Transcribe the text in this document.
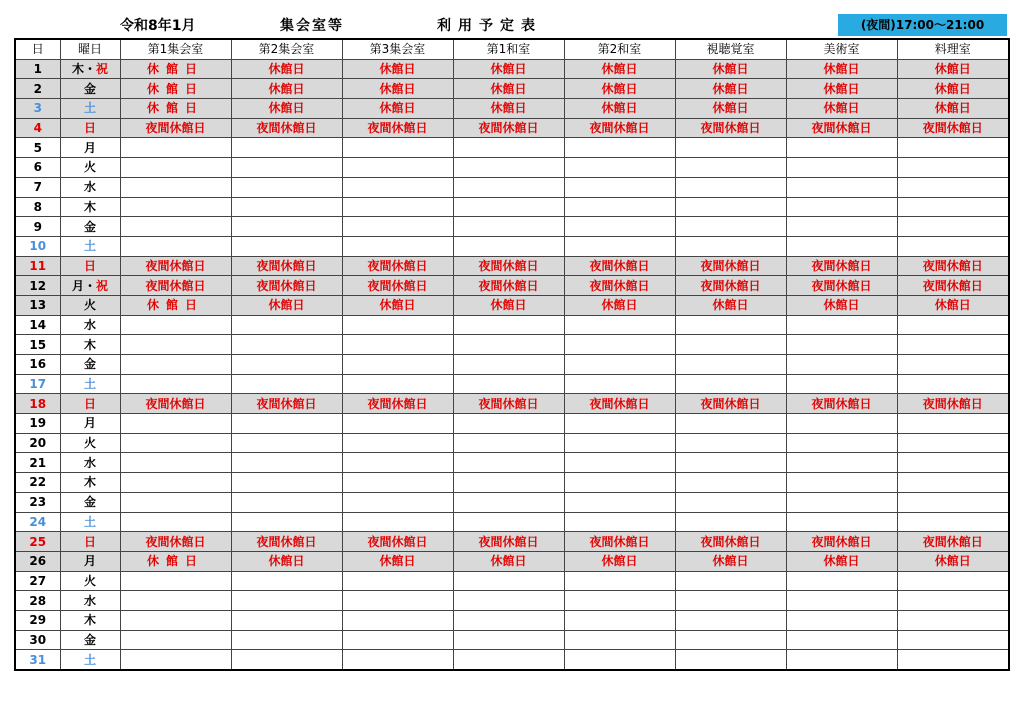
令和8年1月	集会室等	利用予定表	(夜間)17:00～21:00
日	曜日	第1集会室	第2集会室	第3集会室	第1和室	第2和室	視聴覚室	美術室	料理室
1	木・祝	休館日	休館日	休館日	休館日	休館日	休館日	休館日	休館日
2	金	休館日	休館日	休館日	休館日	休館日	休館日	休館日	休館日
3	土	休館日	休館日	休館日	休館日	休館日	休館日	休館日	休館日
4	日	夜間休館日	夜間休館日	夜間休館日	夜間休館日	夜間休館日	夜間休館日	夜間休館日	夜間休館日
5	月								
6	火								
7	水								
8	木								
9	金								
10	土								
11	日	夜間休館日	夜間休館日	夜間休館日	夜間休館日	夜間休館日	夜間休館日	夜間休館日	夜間休館日
12	月・祝	夜間休館日	夜間休館日	夜間休館日	夜間休館日	夜間休館日	夜間休館日	夜間休館日	夜間休館日
13	火	休館日	休館日	休館日	休館日	休館日	休館日	休館日	休館日
14	水								
15	木								
16	金								
17	土								
18	日	夜間休館日	夜間休館日	夜間休館日	夜間休館日	夜間休館日	夜間休館日	夜間休館日	夜間休館日
19	月								
20	火								
21	水								
22	木								
23	金								
24	土								
25	日	夜間休館日	夜間休館日	夜間休館日	夜間休館日	夜間休館日	夜間休館日	夜間休館日	夜間休館日
26	月	休館日	休館日	休館日	休館日	休館日	休館日	休館日	休館日
27	火								
28	水								
29	木								
30	金								
31	土								
